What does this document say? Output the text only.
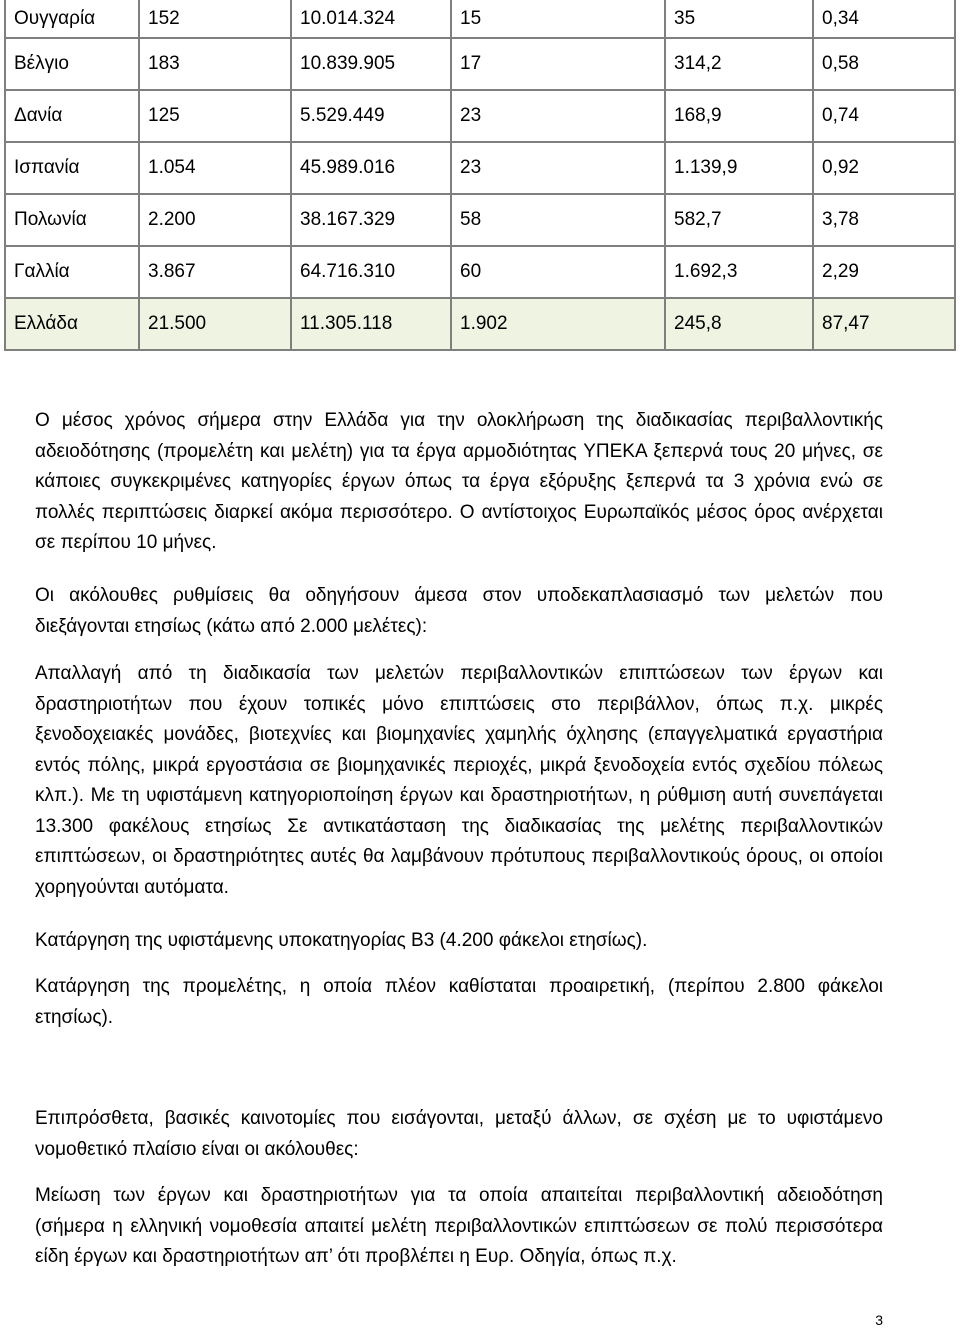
Ουγγαρία	152	10.014.324	15	35	0,34
Βέλγιο	183	10.839.905	17	314,2	0,58
Δανία	125	5.529.449	23	168,9	0,74
Ισπανία	1.054	45.989.016	23	1.139,9	0,92
Πολωνία	2.200	38.167.329	58	582,7	3,78
Γαλλία	3.867	64.716.310	60	1.692,3	2,29
Ελλάδα	21.500	11.305.118	1.902	245,8	87,47

Ο μέσος χρόνος σήμερα στην Ελλάδα για την ολοκλήρωση της διαδικασίας περιβαλλοντικής αδειοδότησης (προμελέτη και μελέτη) για τα έργα αρμοδιότητας ΥΠΕΚΑ ξεπερνά τους 20 μήνες, σε κάποιες συγκεκριμένες κατηγορίες έργων όπως τα έργα εξόρυξης ξεπερνά τα 3 χρόνια ενώ σε πολλές περιπτώσεις διαρκεί ακόμα περισσότερο. Ο αντίστοιχος Ευρωπαϊκός μέσος όρος ανέρχεται σε περίπου 10 μήνες.

Οι ακόλουθες ρυθμίσεις θα οδηγήσουν άμεσα στον υποδεκαπλασιασμό των μελετών που διεξάγονται ετησίως (κάτω από 2.000 μελέτες):

Απαλλαγή από τη διαδικασία των μελετών περιβαλλοντικών επιπτώσεων των έργων και δραστηριοτήτων που έχουν τοπικές μόνο επιπτώσεις στο περιβάλλον, όπως π.χ. μικρές ξενοδοχειακές μονάδες, βιοτεχνίες και βιομηχανίες χαμηλής όχλησης (επαγγελματικά εργαστήρια εντός πόλης, μικρά εργοστάσια σε βιομηχανικές περιοχές, μικρά ξενοδοχεία εντός σχεδίου πόλεως κλπ.). Με τη υφιστάμενη κατηγοριοποίηση έργων και δραστηριοτήτων, η ρύθμιση αυτή συνεπάγεται 13.300 φακέλους ετησίως Σε αντικατάσταση της διαδικασίας της μελέτης περιβαλλοντικών επιπτώσεων, οι δραστηριότητες αυτές θα λαμβάνουν πρότυπους περιβαλλοντικούς όρους, οι οποίοι χορηγούνται αυτόματα.

Κατάργηση της υφιστάμενης υποκατηγορίας Β3 (4.200 φάκελοι ετησίως).

Κατάργηση της προμελέτης, η οποία πλέον καθίσταται προαιρετική, (περίπου 2.800 φάκελοι ετησίως).

Επιπρόσθετα, βασικές καινοτομίες που εισάγονται, μεταξύ άλλων, σε σχέση με το υφιστάμενο νομοθετικό πλαίσιο είναι οι ακόλουθες:

Μείωση των έργων και δραστηριοτήτων για τα οποία απαιτείται περιβαλλοντική αδειοδότηση (σήμερα η ελληνική νομοθεσία απαιτεί μελέτη περιβαλλοντικών επιπτώσεων σε πολύ περισσότερα είδη έργων και δραστηριοτήτων απ’ ότι προβλέπει η Ευρ. Οδηγία, όπως π.χ.

3
